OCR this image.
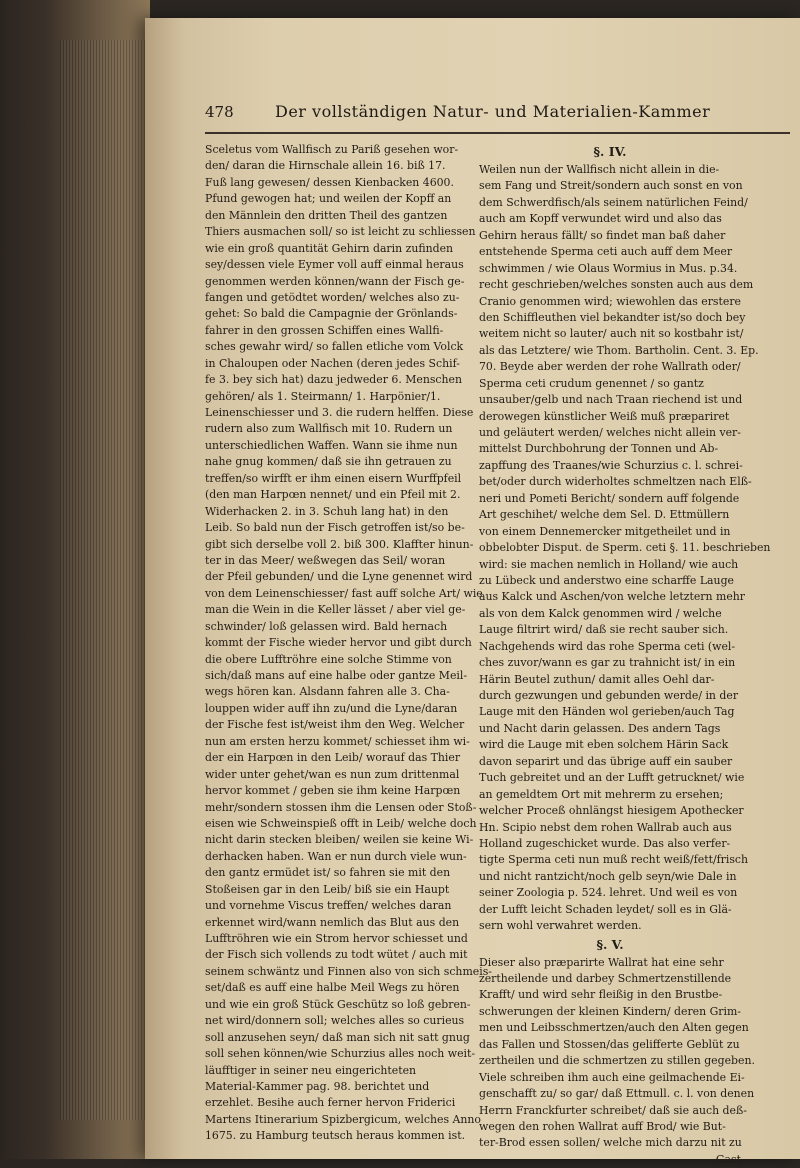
478	Der vollständigen Natur- und Materialien-Kammer
Sceletus vom Wallfisch zu Pariß gesehen wor-
den/ daran die Hirnschale allein 16. biß 17.
Fuß lang gewesen/ dessen Kienbacken 4600.
Pfund gewogen hat; und weilen der Kopff an
den Männlein den dritten Theil des gantzen
Thiers ausmachen soll/ so ist leicht zu schliessen
wie ein groß quantität Gehirn darin zufinden
sey/dessen viele Eymer voll auff einmal heraus
genommen werden können/wann der Fisch ge-
fangen und getödtet worden/ welches also zu-
gehet: So bald die Campagnie der Grönlands-
fahrer in den grossen Schiffen eines Wallfi-
sches gewahr wird/ so fallen etliche vom Volck
in Chaloupen oder Nachen (deren jedes Schif-
fe 3. bey sich hat) dazu jedweder 6. Menschen
gehören/ als 1. Steirmann/ 1. Harpönier/1.
Leinenschiesser und 3. die rudern helffen. Diese
rudern also zum Wallfisch mit 10. Rudern un
unterschiedlichen Waffen. Wann sie ihme nun
nahe gnug kommen/ daß sie ihn getrauen zu
treffen/so wirfft er ihm einen eisern Wurffpfeil
(den man Harpœn nennet/ und ein Pfeil mit 2.
Widerhacken 2. in 3. Schuh lang hat) in den
Leib. So bald nun der Fisch getroffen ist/so be-
gibt sich derselbe voll 2. biß 300. Klaffter hinun-
ter in das Meer/ weßwegen das Seil/ woran
der Pfeil gebunden/ und die Lyne genennet wird
von dem Leinenschiesser/ fast auff solche Art/ wie
man die Wein in die Keller lässet / aber viel ge-
schwinder/ loß gelassen wird. Bald hernach
kommt der Fische wieder hervor und gibt durch
die obere Lufftröhre eine solche Stimme von
sich/daß mans auf eine halbe oder gantze Meil-
wegs hören kan. Alsdann fahren alle 3. Cha-
louppen wider auff ihn zu/und die Lyne/daran
der Fische fest ist/weist ihm den Weg. Welcher
nun am ersten herzu kommet/ schiesset ihm wi-
der ein Harpœn in den Leib/ worauf das Thier
wider unter gehet/wan es nun zum drittenmal
hervor kommet / geben sie ihm keine Harpœn
mehr/sondern stossen ihm die Lensen oder Stoß-
eisen wie Schweinspieß offt in Leib/ welche doch
nicht darin stecken bleiben/ weilen sie keine Wi-
derhacken haben. Wan er nun durch viele wun-
den gantz ermüdet ist/ so fahren sie mit den
Stoßeisen gar in den Leib/ biß sie ein Haupt
und vornehme Viscus treffen/ welches daran
erkennet wird/wann nemlich das Blut aus den
Lufftröhren wie ein Strom hervor schiesset und
der Fisch sich vollends zu todt wütet / auch mit
seinem schwäntz und Finnen also von sich schmeis-
set/daß es auff eine halbe Meil Wegs zu hören
und wie ein groß Stück Geschütz so loß gebren-
net wird/donnern soll; welches alles so curieus
soll anzusehen seyn/ daß man sich nit satt gnug
soll sehen können/wie Schurzius alles noch weit-
läufftiger in seiner neu eingerichteten
Material-Kammer pag. 98. berichtet und
erzehlet. Besihe auch ferner hervon Friderici
Martens Itinerarium Spizbergicum, welches Anno
1675. zu Hamburg teutsch heraus kommen ist.
§. IV.
Weilen nun der Wallfisch nicht allein in die-
sem Fang und Streit/sondern auch sonst en von
dem Schwerdfisch/als seinem natürlichen Feind/
auch am Kopff verwundet wird und also das
Gehirn heraus fällt/ so findet man baß daher
entstehende Sperma ceti auch auff dem Meer
schwimmen / wie Olaus Wormius in Mus. p.34.
recht geschrieben/welches sonsten auch aus dem
Cranio genommen wird; wiewohlen das erstere
den Schiffleuthen viel bekandter ist/so doch bey
weitem nicht so lauter/ auch nit so kostbahr ist/
als das Letztere/ wie Thom. Bartholin. Cent. 3. Ep.
70. Beyde aber werden der rohe Wallrath oder/
Sperma ceti crudum genennet / so gantz
unsauber/gelb und nach Traan riechend ist und
derowegen künstlicher Weiß muß præpariret
und geläutert werden/ welches nicht allein ver-
mittelst Durchbohrung der Tonnen und Ab-
zapffung des Traanes/wie Schurzius c. l. schrei-
bet/oder durch widerholtes schmeltzen nach Elß-
neri und Pometi Bericht/ sondern auff folgende
Art geschihet/ welche dem Sel. D. Ettmüllern
von einem Dennemercker mitgetheilet und in
obbelobter Disput. de Sperm. ceti §. 11. beschrieben
wird: sie machen nemlich in Holland/ wie auch
zu Lübeck und anderstwo eine scharffe Lauge
aus Kalck und Aschen/von welche letztern mehr
als von dem Kalck genommen wird / welche
Lauge filtrirt wird/ daß sie recht sauber sich.
Nachgehends wird das rohe Sperma ceti (wel-
ches zuvor/wann es gar zu trahnicht ist/ in ein
Härin Beutel zuthun/ damit alles Oehl dar-
durch gezwungen und gebunden werde/ in der
Lauge mit den Händen wol gerieben/auch Tag
und Nacht darin gelassen. Des andern Tags
wird die Lauge mit eben solchem Härin Sack
davon separirt und das übrige auff ein sauber
Tuch gebreitet und an der Lufft getrucknet/ wie
an gemeldtem Ort mit mehrerm zu ersehen;
welcher Proceß ohnlängst hiesigem Apothecker
Hn. Scipio nebst dem rohen Wallrab auch aus
Holland zugeschicket wurde. Das also verfer-
tigte Sperma ceti nun muß recht weiß/fett/frisch
und nicht rantzicht/noch gelb seyn/wie Dale in
seiner Zoologia p. 524. lehret. Und weil es von
der Lufft leicht Schaden leydet/ soll es in Glä-
sern wohl verwahret werden.
§. V.
Dieser also præparirte Wallrat hat eine sehr
zertheilende und darbey Schmertzenstillende
Krafft/ und wird sehr fleißig in den Brustbe-
schwerungen der kleinen Kindern/ deren Grim-
men und Leibsschmertzen/auch den Alten gegen
das Fallen und Stossen/das gelifferte Geblüt zu
zertheilen und die schmertzen zu stillen gegeben.
Viele schreiben ihm auch eine geilmachende Ei-
genschafft zu/ so gar/ daß Ettmull. c. l. von denen
Herrn Franckfurter schreibet/ daß sie auch deß-
wegen den rohen Wallrat auff Brod/ wie But-
ter-Brod essen sollen/ welche mich darzu nit zu
Gast
